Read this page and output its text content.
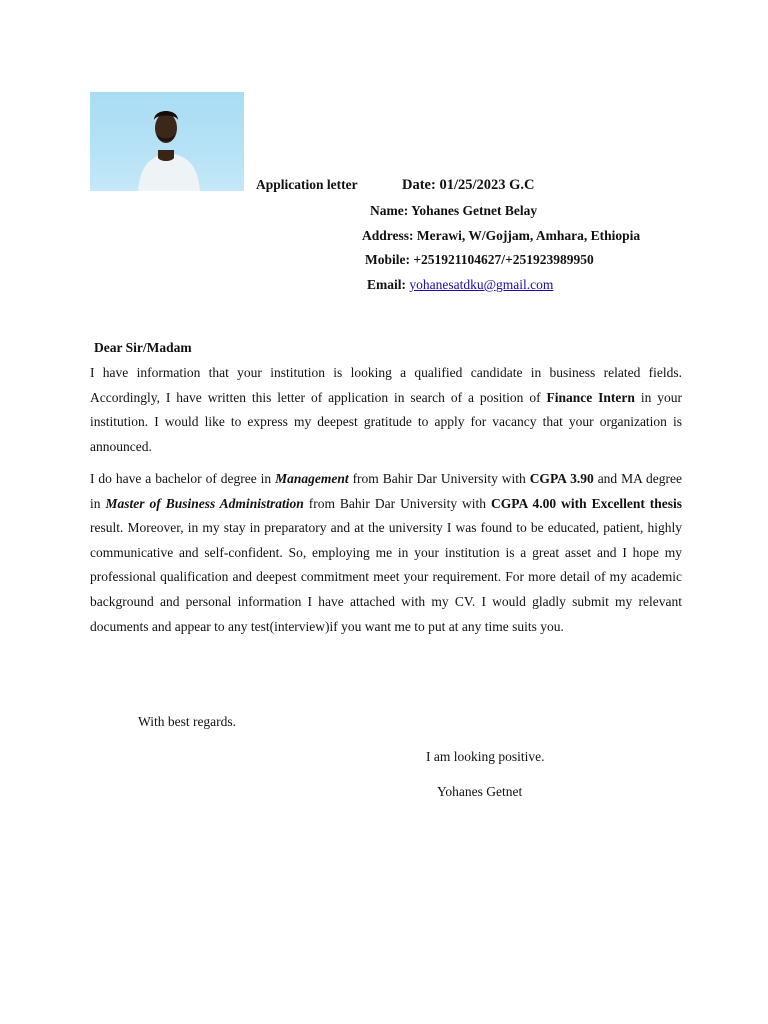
Application letter	Date: 01/25/2023 G.C
Name: Yohanes Getnet Belay
Address: Merawi, W/Gojjam, Amhara, Ethiopia
Mobile: +251921104627/+251923989950
Email: yohanesatdku@gmail.com
Dear Sir/Madam

I have information that your institution is looking a qualified candidate in business related fields. Accordingly, I have written this letter of application in search of a position of Finance Intern in your institution. I would like to express my deepest gratitude to apply for vacancy that your organization is announced.

I do have a bachelor of degree in Management from Bahir Dar University with CGPA 3.90 and MA degree in Master of Business Administration from Bahir Dar University with CGPA 4.00 with Excellent thesis result. Moreover, in my stay in preparatory and at the university I was found to be educated, patient, highly communicative and self-confident. So, employing me in your institution is a great asset and I hope my professional qualification and deepest commitment meet your requirement. For more detail of my academic background and personal information I have attached with my CV. I would gladly submit my relevant documents and appear to any test(interview)if you want me to put at any time suits you.

With best regards.
I am looking positive.
Yohanes Getnet
